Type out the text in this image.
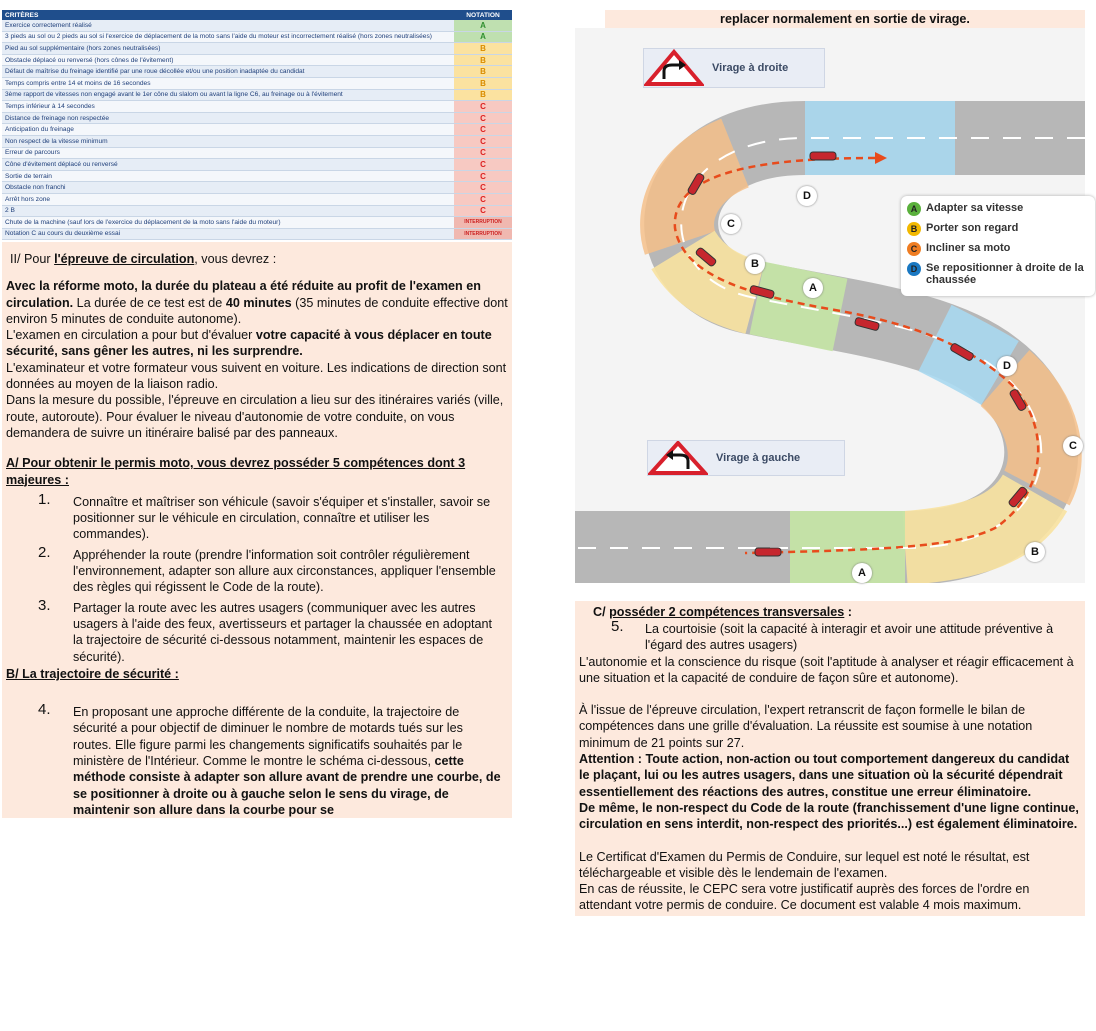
CRITÈRES	NOTATION
Exercice correctement réalisé	A
3 pieds au sol ou 2 pieds au sol si l'exercice de déplacement de la moto sans l'aide du moteur est incorrectement réalisé (hors zones neutralisées)	A
Pied au sol supplémentaire (hors zones neutralisées)	B
Obstacle déplacé ou renversé (hors cônes de l'évitement)	B
Défaut de maîtrise du freinage identifié par une roue décollée et/ou une position inadaptée du candidat	B
Temps compris entre 14 et moins de 16 secondes	B
3ème rapport de vitesses non engagé avant le 1er cône du slalom ou avant la ligne C6, au freinage ou à l'évitement	B
Temps inférieur à 14 secondes	C
Distance de freinage non respectée	C
Anticipation du freinage	C
Non respect de la vitesse minimum	C
Erreur de parcours	C
Cône d'évitement déplacé ou renversé	C
Sortie de terrain	C
Obstacle non franchi	C
Arrêt hors zone	C
2 B	C
Chute de la machine (sauf lors de l'exercice du déplacement de la moto sans l'aide du moteur)	INTERRUPTION
Notation C au cours du deuxième essai	INTERRUPTION
II/ Pour l'épreuve de circulation, vous devrez :

Avec la réforme moto, la durée du plateau a été réduite au profit de l'examen en circulation. La durée de ce test est de 40 minutes (35 minutes de conduite effective dont environ 5 minutes de conduite autonome).

L'examen en circulation a pour but d'évaluer votre capacité à vous déplacer en toute sécurité, sans gêner les autres, ni les surprendre.

L'examinateur et votre formateur vous suivent en voiture. Les indications de direction sont données au moyen de la liaison radio.

Dans la mesure du possible, l'épreuve en circulation a lieu sur des itinéraires variés (ville, route, autoroute). Pour évaluer le niveau d'autonomie de votre conduite, on vous demandera de suivre un itinéraire balisé par des panneaux.

A/ Pour obtenir le permis moto, vous devrez posséder 5 compétences dont 3 majeures :
1. Connaître et maîtriser son véhicule (savoir s'équiper et s'installer, savoir se positionner sur le véhicule en circulation, connaître et utiliser les commandes).
2. Appréhender la route (prendre l'information soit contrôler régulièrement l'environnement, adapter son allure aux circonstances, appliquer l'ensemble des règles qui régissent le Code de la route).
3. Partager la route avec les autres usagers (communiquer avec les autres usagers à l'aide des feux, avertisseurs et partager la chaussée en adoptant la trajectoire de sécurité ci-dessous notamment, maintenir les espaces de sécurité).
B/ La trajectoire de sécurité :
4. En proposant une approche différente de la conduite, la trajectoire de sécurité a pour objectif de diminuer le nombre de motards tués sur les routes. Elle figure parmi les changements significatifs souhaités par le ministère de l'Intérieur. Comme le montre le schéma ci-dessous, cette méthode consiste à adapter son allure avant de prendre une courbe, de se positionner à droite ou à gauche selon le sens du virage, de maintenir son allure dans la courbe pour se
replacer normalement en sortie de virage.
Virage à droite
Virage à gauche
D
C
B
A
D
C
B
A
A Adapter sa vitesse
B Porter son regard
C Incliner sa moto
D Se repositionner à droite de la chaussée
C/ posséder 2 compétences transversales :
5. La courtoisie (soit la capacité à interagir et avoir une attitude préventive à l'égard des autres usagers)
L'autonomie et la conscience du risque (soit l'aptitude à analyser et réagir efficacement à une situation et la capacité de conduire de façon sûre et autonome).
À l'issue de l'épreuve circulation, l'expert retranscrit de façon formelle le bilan de compétences dans une grille d'évaluation. La réussite est soumise à une notation minimum de 21 points sur 27.
Attention : Toute action, non-action ou tout comportement dangereux du candidat le plaçant, lui ou les autres usagers, dans une situation où la sécurité dépendrait essentiellement des réactions des autres, constitue une erreur éliminatoire.
De même, le non-respect du Code de la route (franchissement d'une ligne continue, circulation en sens interdit, non-respect des priorités...) est également éliminatoire.
Le Certificat d'Examen du Permis de Conduire, sur lequel est noté le résultat, est téléchargeable et visible dès le lendemain de l'examen.
En cas de réussite, le CEPC sera votre justificatif auprès des forces de l'ordre en attendant votre permis de conduire. Ce document est valable 4 mois maximum.
